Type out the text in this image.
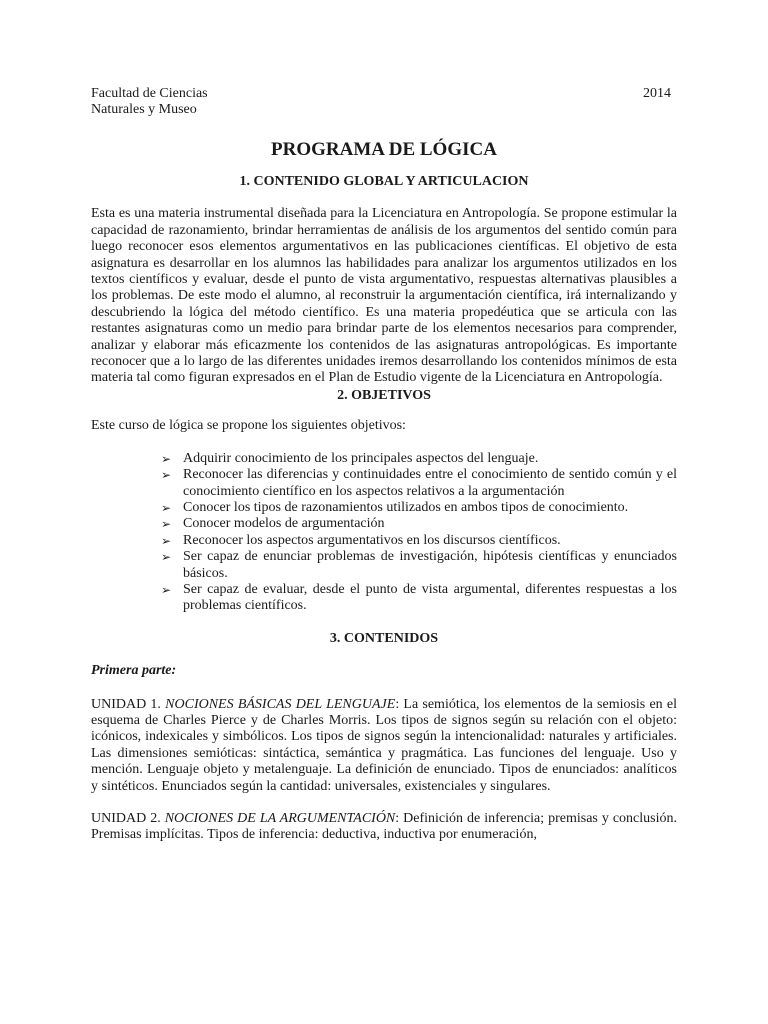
Facultad de Ciencias
Naturales y Museo
2014
PROGRAMA DE LÓGICA
1. CONTENIDO GLOBAL Y ARTICULACION

Esta es una materia instrumental diseñada para la Licenciatura en Antropología. Se propone estimular la capacidad de razonamiento, brindar herramientas de análisis de los argumentos del sentido común para luego reconocer esos elementos argumentativos en las publicaciones científicas. El objetivo de esta asignatura es desarrollar en los alumnos las habilidades para analizar los argumentos utilizados en los textos científicos y evaluar, desde el punto de vista argumentativo, respuestas alternativas plausibles a los problemas. De este modo el alumno, al reconstruir la argumentación científica, irá internalizando y descubriendo la lógica del método científico. Es una materia propedéutica que se articula con las restantes asignaturas como un medio para brindar parte de los elementos necesarios para comprender, analizar y elaborar más eficazmente los contenidos de las asignaturas antropológicas. Es importante reconocer que a lo largo de las diferentes unidades iremos desarrollando los contenidos mínimos de esta materia tal como figuran expresados en el Plan de Estudio vigente de la Licenciatura en Antropología.

2. OBJETIVOS

Este curso de lógica se propone los siguientes objetivos:

➢ Adquirir conocimiento de los principales aspectos del lenguaje.
➢ Reconocer las diferencias y continuidades entre el conocimiento de sentido común y el conocimiento científico en los aspectos relativos a la argumentación
➢ Conocer los tipos de razonamientos utilizados en ambos tipos de conocimiento.
➢ Conocer modelos de argumentación
➢ Reconocer los aspectos argumentativos en los discursos científicos.
➢ Ser capaz de enunciar problemas de investigación, hipótesis científicas y enunciados básicos.
➢ Ser capaz de evaluar, desde el punto de vista argumental, diferentes respuestas a los problemas científicos.
3. CONTENIDOS

Primera parte:

UNIDAD 1. NOCIONES BÁSICAS DEL LENGUAJE: La semiótica, los elementos de la semiosis en el esquema de Charles Pierce y de Charles Morris. Los tipos de signos según su relación con el objeto: icónicos, indexicales y simbólicos. Los tipos de signos según la intencionalidad: naturales y artificiales. Las dimensiones semióticas: sintáctica, semántica y pragmática. Las funciones del lenguaje. Uso y mención. Lenguaje objeto y metalenguaje. La definición de enunciado. Tipos de enunciados: analíticos y sintéticos. Enunciados según la cantidad: universales, existenciales y singulares.

UNIDAD 2. NOCIONES DE LA ARGUMENTACIÓN: Definición de inferencia; premisas y conclusión. Premisas implícitas. Tipos de inferencia: deductiva, inductiva por enumeración,
